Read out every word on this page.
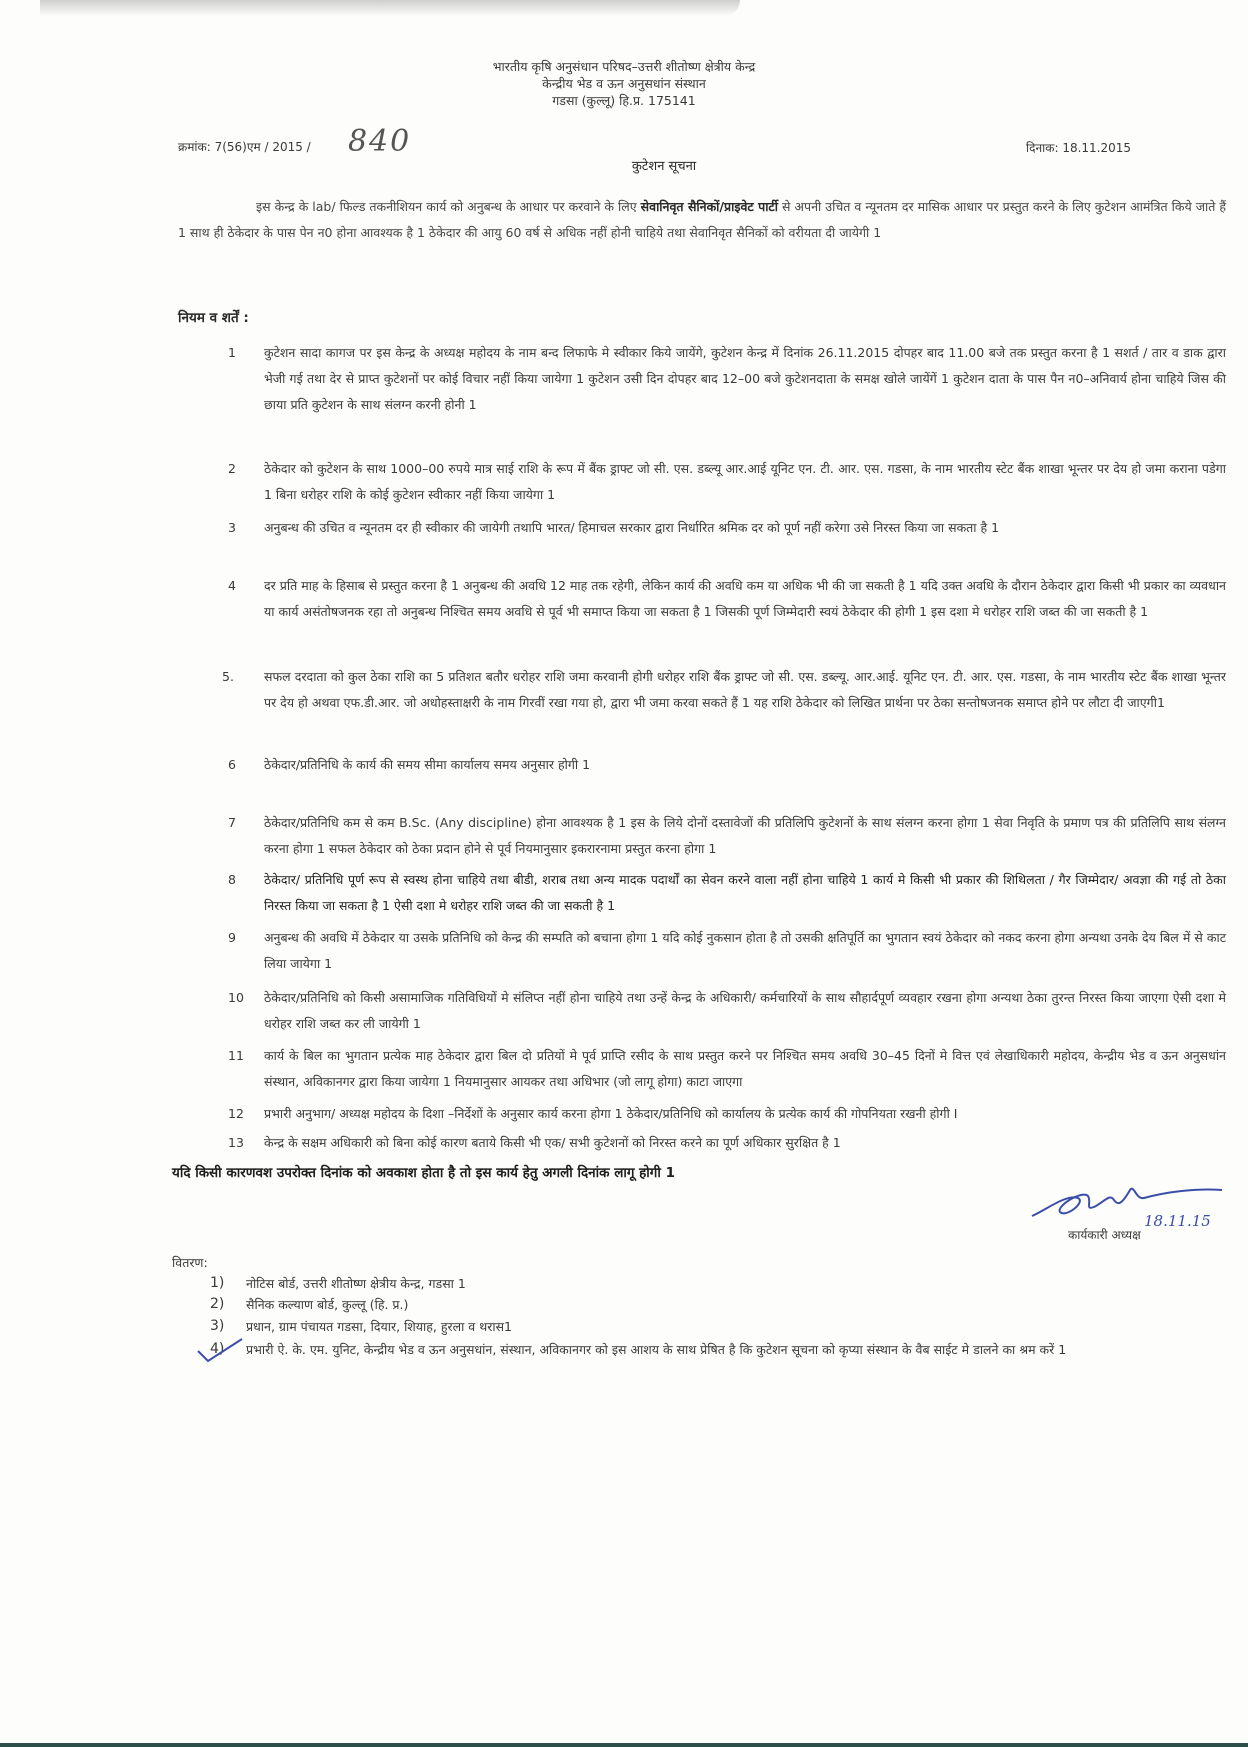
भारतीय कृषि अनुसंधान परिषद–उत्तरी शीतोष्ण क्षेत्रीय केन्द्र
केन्द्रीय भेड व ऊन अनुसधांन संस्थान
गडसा (कुल्लू) हि.प्र. 175141
क्रमांक: 7(56)एम / 2015 / 840	दिनाक: 18.11.2015
कुटेशन सूचना
इस केन्द्र के lab/ फिल्ड तकनीशियन कार्य को अनुबन्ध के आधार पर करवाने के लिए सेवानिवृत सैनिकों/प्राइवेट पार्टी से अपनी उचित व न्यूनतम दर मासिक आधार पर प्रस्तुत करने के लिए कुटेशन आमंत्रित किये जाते हैं 1 साथ ही ठेकेदार के पास पेन न0 होना आवश्यक है 1 ठेकेदार की आयु 60 वर्ष से अधिक नहीं होनी चाहिये तथा सेवानिवृत सैनिकों को वरीयता दी जायेगी 1
नियम व शर्तें :
1	कुटेशन सादा कागज पर इस केन्द्र के अध्यक्ष महोदय के नाम बन्द लिफाफे मे स्वीकार किये जायेंगे, कुटेशन केन्द्र में दिनांक 26.11.2015 दोपहर बाद 11.00 बजे तक प्रस्तुत करना है 1 सशर्त / तार व डाक द्वारा भेजी गई तथा देर से प्राप्त कुटेशनों पर कोई विचार नहीं किया जायेगा 1 कुटेशन उसी दिन दोपहर बाद 12–00 बजे कुटेशनदाता के समक्ष खोले जायेंगें 1 कुटेशन दाता के पास पैन न0–अनिवार्य होना चाहिये जिस की छाया प्रति कुटेशन के साथ संलग्न करनी होनी 1
2	ठेकेदार को कुटेशन के साथ 1000–00 रुपये मात्र साई राशि के रूप में बैंक ड्राफ्ट जो सी. एस. डब्ल्यू आर.आई यूनिट एन. टी. आर. एस. गडसा, के नाम भारतीय स्टेट बैंक शाखा भून्तर पर देय हो जमा कराना पडेगा 1 बिना धरोहर राशि के कोई कुटेशन स्वीकार नहीं किया जायेगा 1
3	अनुबन्ध की उचित व न्यूनतम दर ही स्वीकार की जायेगी तथापि भारत/ हिमाचल सरकार द्वारा निर्धारित श्रमिक दर को पूर्ण नहीं करेगा उसे निरस्त किया जा सकता है 1
4	दर प्रति माह के हिसाब से प्रस्तुत करना है 1 अनुबन्ध की अवधि 12 माह तक रहेगी, लेकिन कार्य की अवधि कम या अधिक भी की जा सकती है 1 यदि उक्त अवधि के दौरान ठेकेदार द्वारा किसी भी प्रकार का व्यवधान या कार्य असंतोषजनक रहा तो अनुबन्ध निश्चित समय अवधि से पूर्व भी समाप्त किया जा सकता है 1 जिसकी पूर्ण जिम्मेदारी स्वयं ठेकेदार की होगी 1 इस दशा मे धरोहर राशि जब्त की जा सकती है 1
5.	सफल दरदाता को कुल ठेका राशि का 5 प्रतिशत बतौर धरोहर राशि जमा करवानी होगी धरोहर राशि बैंक ड्राफ्ट जो सी. एस. डब्ल्यू. आर.आई. यूनिट एन. टी. आर. एस. गडसा, के नाम भारतीय स्टेट बैंक शाखा भून्तर पर देय हो अथवा एफ.डी.आर. जो अधोहस्ताक्षरी के नाम गिरवीं रखा गया हो, द्वारा भी जमा करवा सकते हैं 1 यह राशि ठेकेदार को लिखित प्रार्थना पर ठेका सन्तोषजनक समाप्त होने पर लौटा दी जाएगी1
6	ठेकेदार/प्रतिनिधि के कार्य की समय सीमा कार्यालय समय अनुसार होगी 1
7	ठेकेदार/प्रतिनिधि कम से कम B.Sc. (Any discipline) होना आवश्यक है 1 इस के लिये दोनों दस्तावेजों की प्रतिलिपि कुटेशनों के साथ संलग्न करना होगा 1 सेवा निवृति के प्रमाण पत्र की प्रतिलिपि साथ संलग्न करना होगा 1 सफल ठेकेदार को ठेका प्रदान होने से पूर्व नियमानुसार इकरारनामा प्रस्तुत करना होगा 1
8	ठेकेदार/ प्रतिनिधि पूर्ण रूप से स्वस्थ होना चाहिये तथा बीडी, शराब तथा अन्य मादक पदार्थों का सेवन करने वाला नहीं होना चाहिये 1 कार्य मे किसी भी प्रकार की शिथिलता / गैर जिम्मेदार/ अवज्ञा की गई तो ठेका निरस्त किया जा सकता है 1 ऐसी दशा मे धरोहर राशि जब्त की जा सकती है 1
9	अनुबन्ध की अवधि में ठेकेदार या उसके प्रतिनिधि को केन्द्र की सम्पति को बचाना होगा 1 यदि कोई नुकसान होता है तो उसकी क्षतिपूर्ति का भुगतान स्वयं ठेकेदार को नकद करना होगा अन्यथा उनके देय बिल में से काट लिया जायेगा 1
10	ठेकेदार/प्रतिनिधि को किसी असामाजिक गतिविधियों मे संलिप्त नहीं होना चाहिये तथा उन्हें केन्द्र के अधिकारी/ कर्मचारियों के साथ सौहार्दपूर्ण व्यवहार रखना होगा अन्यथा ठेका तुरन्त निरस्त किया जाएगा ऐसी दशा मे धरोहर राशि जब्त कर ली जायेगी 1
11	कार्य के बिल का भुगतान प्रत्येक माह ठेकेदार द्वारा बिल दो प्रतियों मे पूर्व प्राप्ति रसीद के साथ प्रस्तुत करने पर निश्चित समय अवधि 30–45 दिनों मे वित्त एवं लेखाधिकारी महोदय, केन्द्रीय भेड व ऊन अनुसधांन संस्थान, अविकानगर द्वारा किया जायेगा 1 नियमानुसार आयकर तथा अधिभार (जो लागू होगा) काटा जाएगा
12	प्रभारी अनुभाग/ अध्यक्ष महोदय के दिशा –निर्देशों के अनुसार कार्य करना होगा 1 ठेकेदार/प्रतिनिधि को कार्यालय के प्रत्येक कार्य की गोपनियता रखनी होगी I
13	केन्द्र के सक्षम अधिकारी को बिना कोई कारण बताये किसी भी एक/ सभी कुटेशनों को निरस्त करने का पूर्ण अधिकार सुरक्षित है 1
यदि किसी कारणवश उपरोक्त दिनांक को अवकाश होता है तो इस कार्य हेतु अगली दिनांक लागू होगी 1
18.11.15
कार्यकारी अध्यक्ष
वितरण:
1)	नोटिस बोर्ड, उत्तरी शीतोष्ण क्षेत्रीय केन्द्र, गडसा 1
2)	सैनिक कल्याण बोर्ड, कुल्लू (हि. प्र.)
3)	प्रधान, ग्राम पंचायत गडसा, दियार, शियाह, हुरला व थरास1
4)	प्रभारी ऐ. के. एम. युनिट, केन्द्रीय भेड व ऊन अनुसधांन, संस्थान, अविकानगर को इस आशय के साथ प्रेषित है कि कुटेशन सूचना को कृप्या संस्थान के वैब साईट मे डालने का श्रम करें 1
